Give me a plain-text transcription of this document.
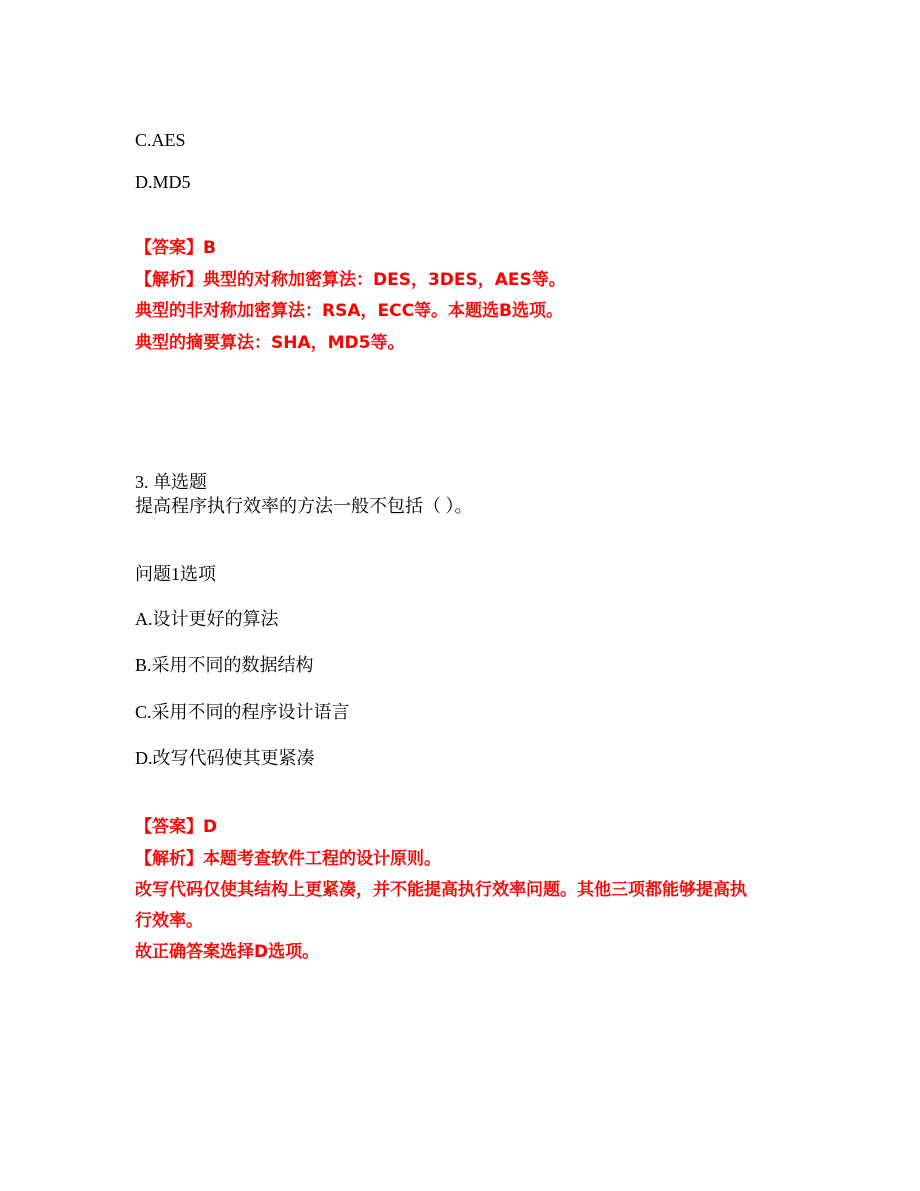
C.AES
D.MD5
【答案】B
【解析】典型的对称加密算法：DES，3DES，AES等。
典型的非对称加密算法：RSA，ECC等。本题选B选项。
典型的摘要算法：SHA，MD5等。
3. 单选题
提高程序执行效率的方法一般不包括（ ）。
问题1选项
A.设计更好的算法
B.采用不同的数据结构
C.采用不同的程序设计语言
D.改写代码使其更紧凑
【答案】D
【解析】本题考查软件工程的设计原则。
改写代码仅使其结构上更紧凑，并不能提高执行效率问题。其他三项都能够提高执
行效率。
故正确答案选择D选项。
